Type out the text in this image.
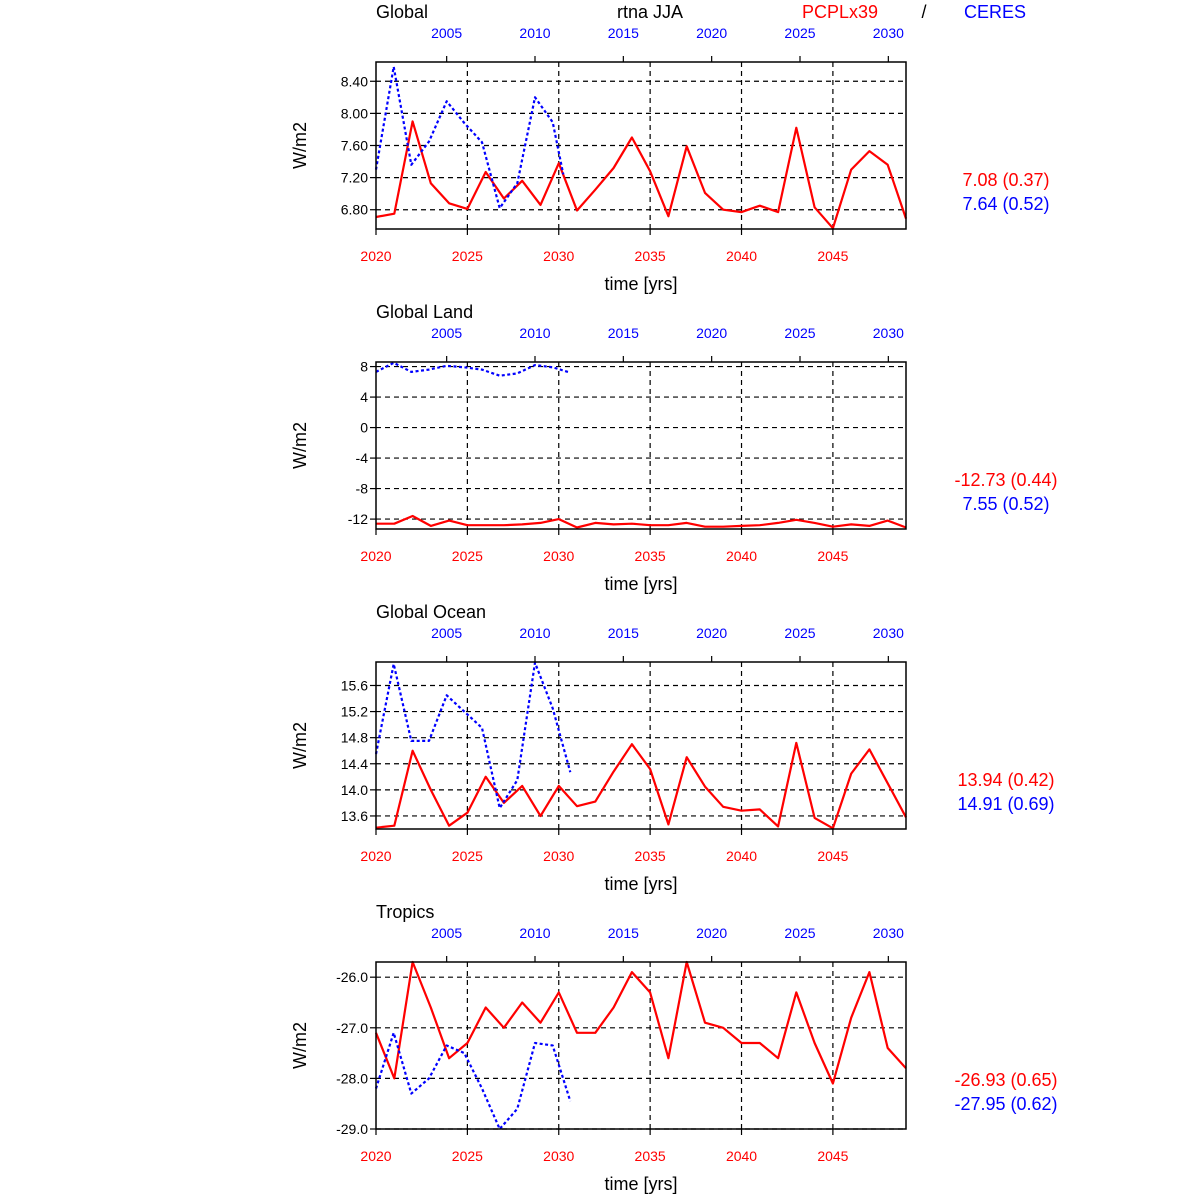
rtna JJA	PCPLx39 / CERES
6.80
7.20
7.60
8.00
8.40
2020	2025	2030	2035	2040	2045
2005	2010	2015	2020	2025	2030
Global
W/m2
time [yrs]
7.08 (0.37)
7.64 (0.52)
-12
-8
-4
0
4
8
2020	2025	2030	2035	2040	2045
2005	2010	2015	2020	2025	2030
Global Land
W/m2
time [yrs]
-12.73 (0.44)
7.55 (0.52)
13.6
14.0
14.4
14.8
15.2
15.6
2020	2025	2030	2035	2040	2045
2005	2010	2015	2020	2025	2030
Global Ocean
W/m2
time [yrs]
13.94 (0.42)
14.91 (0.69)
-29.0
-28.0
-27.0
-26.0
2020	2025	2030	2035	2040	2045
2005	2010	2015	2020	2025	2030
Tropics
W/m2
time [yrs]
-26.93 (0.65)
-27.95 (0.62)
